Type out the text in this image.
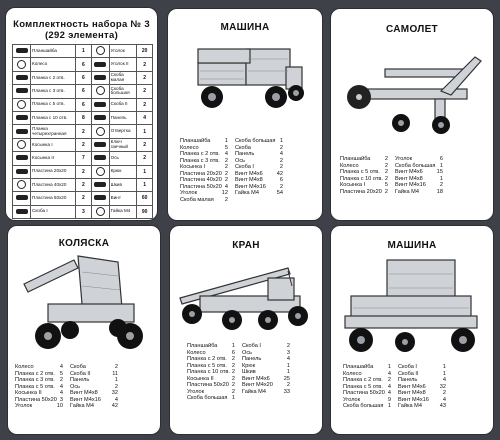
Комплектность набора № 3
(292 элемента)
	Планшайба	1		Уголок	20
	Колесо	6		Уголок II	2
	Планка с 2 отв.	6		Скоба малая	2
	Планка с 3 отв.	6		Скоба большая	2
	Планка с 5 отв.	6		Скоба II	2
	Планка с 10 отв.	8		Панель	4
	Планка четырехгранная	2		Отвертка	1
	Косынка I	2		Ключ гаечный	2
	Косынка II	7		Ось	2
	Пластина 20x20	2		Крюк	1
	Пластина 40x20	2		Шкив	1
	Пластина 50x20	2		Винт	60
	Скоба I	3		Гайка М4	90
МАШИНА
Планшайба	1
Колесо	5
Планка с 2 отв. 4
Планка с 3 отв. 2
Косынка I	2
Пластина 20x20 2
Пластина 40x20 2
Пластина 50x20 4
Уголок	12
Скоба малая	2
Скоба большая 1
Скоба	2
Панель	4
Ось	2
Скоба I	2
Винт М4x6	42
Винт М4x8	6
Винт М4x16	2
Гайка М4	54
САМОЛЕТ
Планшайба	2
Колесо	2
Планка с 5 отв. 2
Планка с 10 отв. 2
Косынка I	5
Пластина 20x20 2
Уголок	6
Скоба большая 1
Винт М4x6	15
Винт М4x8	1
Винт М4x16	2
Гайка М4	18
КОЛЯСКА
Колесо	4
Планка с 2 отв. 5
Планка с 3 отв. 2
Планка с 5 отв. 4
Косынка II	4
Пластина 50x20 3
Уголок	10
Скоба	2
Скоба II	11
Панель	1
Ось	2
Винт М4x8	32
Винт М4x16	4
Гайка М4	42
КРАН
Планшайба	1
Колесо	6
Планка с 2 отв. 2
Планка с 5 отв. 2
Планка с 10 отв. 2
Косынка II	2
Пластина 50x20 2
Уголок	2
Скоба большая 1
Скоба I	2
Ось	3
Панель	4
Крюк	1
Шкив	1
Винт М4x6	25
Винт М4x20	2
Гайка М4	33
МАШИНА
Планшайба	1
Колесо	4
Планка с 2 отв. 2
Планка с 5 отв. 4
Пластина 50x20 4
Уголок	9
Скоба большая 1
Скоба I	1
Скоба II	1
Панель	4
Винт М4x6	32
Винт М4x8	2
Винт М4x16	4
Гайка М4	43
